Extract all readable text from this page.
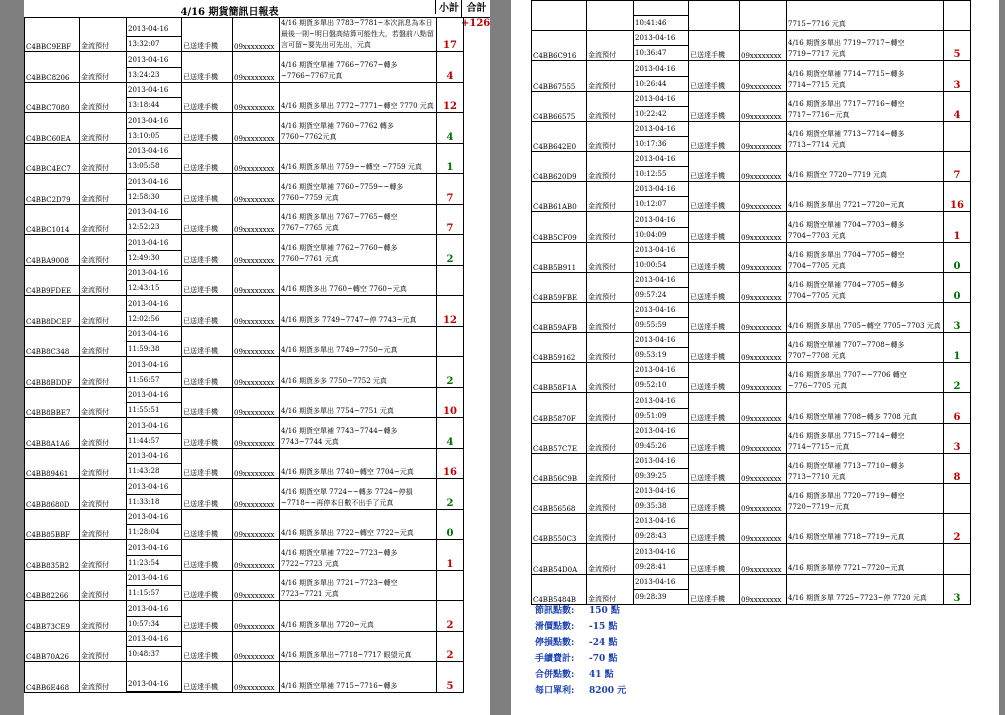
4/16 期貨簡訊日報表	小計 合計
+126
C4BBC9EBF	金流預付	2013-04-16
13:32:07	已送達手機	09xxxxxxxx	4/16 期貨多單出 7783~7781~本次訊息為本日最後一則~明日盤高結算可能性大，若盤前八點留言可留~要先出可先出，元真	17
C4BBC8206	金流預付	2013-04-16
13:24:23	已送達手機	09xxxxxxxx	4/16 期貨空單補 7766~7767~轉多~7766~7767元真	4
C4BBC7080	金流預付	2013-04-16
13:18:44	已送達手機	09xxxxxxxx	4/16 期貨多單出 7772~7771~轉空 7770 元真	12
C4BBC60EA	金流預付	2013-04-16
13:10:05	已送達手機	09xxxxxxxx	4/16 期貨空單補 7760~7762 轉多7760~7762元真	4
C4BBC4EC7	金流預付	2013-04-16
13:05:58	已送達手機	09xxxxxxxx	4/16 期貨多單出 7759~~轉空 ~7759 元真	1
C4BBC2D79	金流預付	2013-04-16
12:58:30	已送達手機	09xxxxxxxx	4/16 期貨空單補 7760~7759~~轉多7760~7759 元真	7
C4BBC1014	金流預付	2013-04-16
12:52:23	已送達手機	09xxxxxxxx	4/16 期貨多單出 7767~7765~轉空7767~7765 元真	7
C4BBA9008	金流預付	2013-04-16
12:49:30	已送達手機	09xxxxxxxx	4/16 期貨空單補 7762~7760~轉多7760~7761 元真	2
C4BB9FDEE	金流預付	2013-04-16
12:43:15	已送達手機	09xxxxxxxx	4/16 期貨多出 7760~轉空 7760~元真	
C4BB8DCEF	金流預付	2013-04-16
12:02:56	已送達手機	09xxxxxxxx	4/16 期貨多 7749~7747~停 7743~元真	12
C4BB8C348	金流預付	2013-04-16
11:59:38	已送達手機	09xxxxxxxx	4/16 期貨多單出 7749~7750~元真	
C4BB8BDDF	金流預付	2013-04-16
11:56:57	已送達手機	09xxxxxxxx	4/16 期貨多多 7750~7752 元真	2
C4BB8BBE7	金流預付	2013-04-16
11:55:51	已送達手機	09xxxxxxxx	4/16 期貨多單出 7754~7751 元真	10
C4BB8A1A6	金流預付	2013-04-16
11:44:57	已送達手機	09xxxxxxxx	4/16 期貨空單補 7743~7744~轉多7743~7744 元真	4
C4BB89461	金流預付	2013-04-16
11:43:28	已送達手機	09xxxxxxxx	4/16 期貨多單出 7740~轉空 7704~元真	16
C4BB8680D	金流預付	2013-04-16
11:33:18	已送達手機	09xxxxxxxx	4/16 期貨空單 7724~~轉多 7724~停損~7718~~再停本日數不出手了元真	2
C4BB85BBF	金流預付	2013-04-16
11:28:04	已送達手機	09xxxxxxxx	4/16 期貨多單出 7722~轉空 7722~元真	0
C4BB835B2	金流預付	2013-04-16
11:23:54	已送達手機	09xxxxxxxx	4/16 期貨空單補 7722~7723~轉多7722~7723 元真	1
C4BB82266	金流預付	2013-04-16
11:15:57	已送達手機	09xxxxxxxx	4/16 期貨多單出 7721~7723~轉空7723~7721 元真	
C4BB73CE9	金流預付	2013-04-16
10:57:34	已送達手機	09xxxxxxxx	4/16 期貨多單出 7720~元真	2
C4BB70A26	金流預付	2013-04-16
10:48:37	已送達手機	09xxxxxxxx	4/16 期貨多單出~7718~7717 眼望元真	2
C4BB6E468	金流預付	2013-04-16	已送達手機	09xxxxxxxx	4/16 期貨空單補 7715~7716~轉多	5

		10:41:46			7715~7716 元真	
C4BB6C916	金流預付	2013-04-16
10:36:47	已送達手機	09xxxxxxxx	4/16 期貨多單出 7719~7717~轉空7719~7717 元真	5
C4BB67555	金流預付	2013-04-16
10:26:44	已送達手機	09xxxxxxxx	4/16 期貨空單補 7714~7715~轉多7714~7715 元真	3
C4BB66575	金流預付	2013-04-16
10:22:42	已送達手機	09xxxxxxxx	4/16 期貨多單出 7717~7716~轉空7717~7716~元真	4
C4BB642E0	金流預付	2013-04-16
10:17:36	已送達手機	09xxxxxxxx	4/16 期貨空單補 7713~7714~轉多7713~7714 元真	
C4BB620D9	金流預付	2013-04-16
10:12:55	已送達手機	09xxxxxxxx	4/16 期貨空 7720~7719 元真	7
C4BB61AB0	金流預付	2013-04-16
10:12:07	已送達手機	09xxxxxxxx	4/16 期貨多單出 7721~7720~元真	16
C4BB5CF09	金流預付	2013-04-16
10:04:09	已送達手機	09xxxxxxxx	4/16 期貨空單補 7704~7703~轉多 7704~7703 元真	1
C4BB5B911	金流預付	2013-04-16
10:00:54	已送達手機	09xxxxxxxx	4/16 期貨多單出 7704~7705~轉空7704~7705 元真	0
C4BB59FBE	金流預付	2013-04-16
09:57:24	已送達手機	09xxxxxxxx	4/16 期貨空單補 7704~7705~轉多 7704~7705 元真	0
C4BB59AFB	金流預付	2013-04-16
09:55:59	已送達手機	09xxxxxxxx	4/16 期貨多單出 7705~轉空 7705~7703 元真	3
C4BB59162	金流預付	2013-04-16
09:53:19	已送達手機	09xxxxxxxx	4/16 期貨空單補 7707~7708~轉多 7707~7708 元真	1
C4BB58F1A	金流預付	2013-04-16
09:52:10	已送達手機	09xxxxxxxx	4/16 期貨多單出 7707~~7706 轉空 ~776~7705 元真	2
C4BB5870F	金流預付	2013-04-16
09:51:09	已送達手機	09xxxxxxxx	4/16 期貨空單補 7708~轉多 7708 元真	6
C4BB57C7E	金流預付	2013-04-16
09:45:26	已送達手機	09xxxxxxxx	4/16 期貨多單出 7715~7714~轉空7714~7715~元真	3
C4BB56C9B	金流預付	2013-04-16
09:39:25	已送達手機	09xxxxxxxx	4/16 期貨空單補 7713~7710~轉多7713~7710 元真	8
C4BB56568	金流預付	2013-04-16
09:35:38	已送達手機	09xxxxxxxx	4/16 期貨多單出 7720~7719~轉空7720~7719~元真	
C4BB550C3	金流預付	2013-04-16
09:28:43	已送達手機	09xxxxxxxx	4/16 期貨空單補 7718~7719~元真	2
C4BB54D0A	金流預付	2013-04-16
09:28:41	已送達手機	09xxxxxxxx	4/16 期貨多單停 7721~7720~元真	
C4BB5484B	金流預付	2013-04-16
09:28:39	已送達手機	09xxxxxxxx	4/16 期貨多單 7725~7723~停 7720 元真	3
節訊點數: 150 點
滑價點數: -15 點
停損點數: -24 點
手續費計: -70 點
合併點數: 41 點
每口單利: 8200 元
